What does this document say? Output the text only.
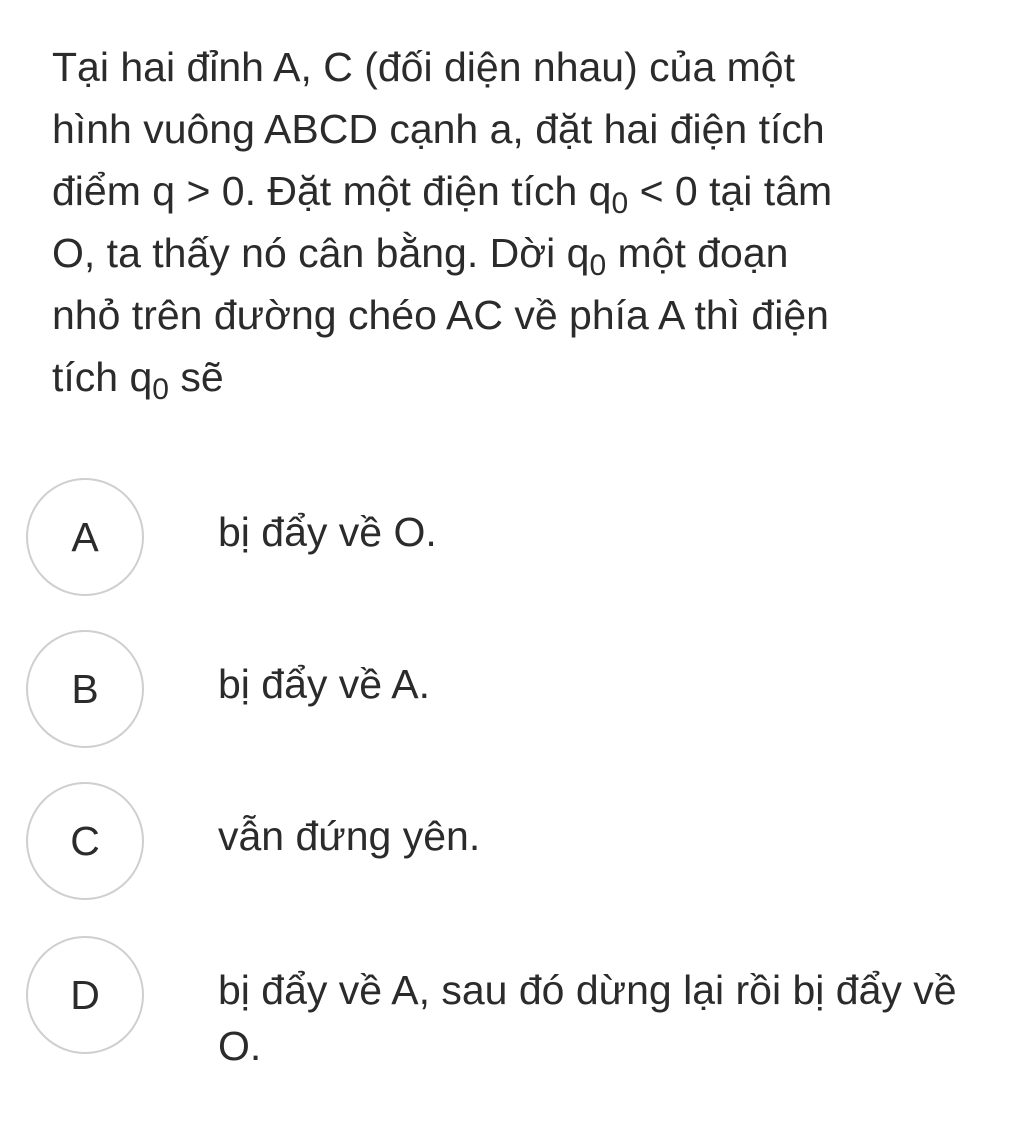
Tại hai đỉnh A, C (đối diện nhau) của một
hình vuông ABCD cạnh a, đặt hai điện tích
điểm q > 0. Đặt một điện tích $q_0 < 0$ tại tâm
O, ta thấy nó cân bằng. Dời $q_0$ một đoạn
nhỏ trên đường chéo AC về phía A thì điện
tích $q_0$ sẽ
A	bị đẩy về O.
B	bị đẩy về A.
C	vẫn đứng yên.
D	bị đẩy về A, sau đó dừng lại rồi bị đẩy về O.
